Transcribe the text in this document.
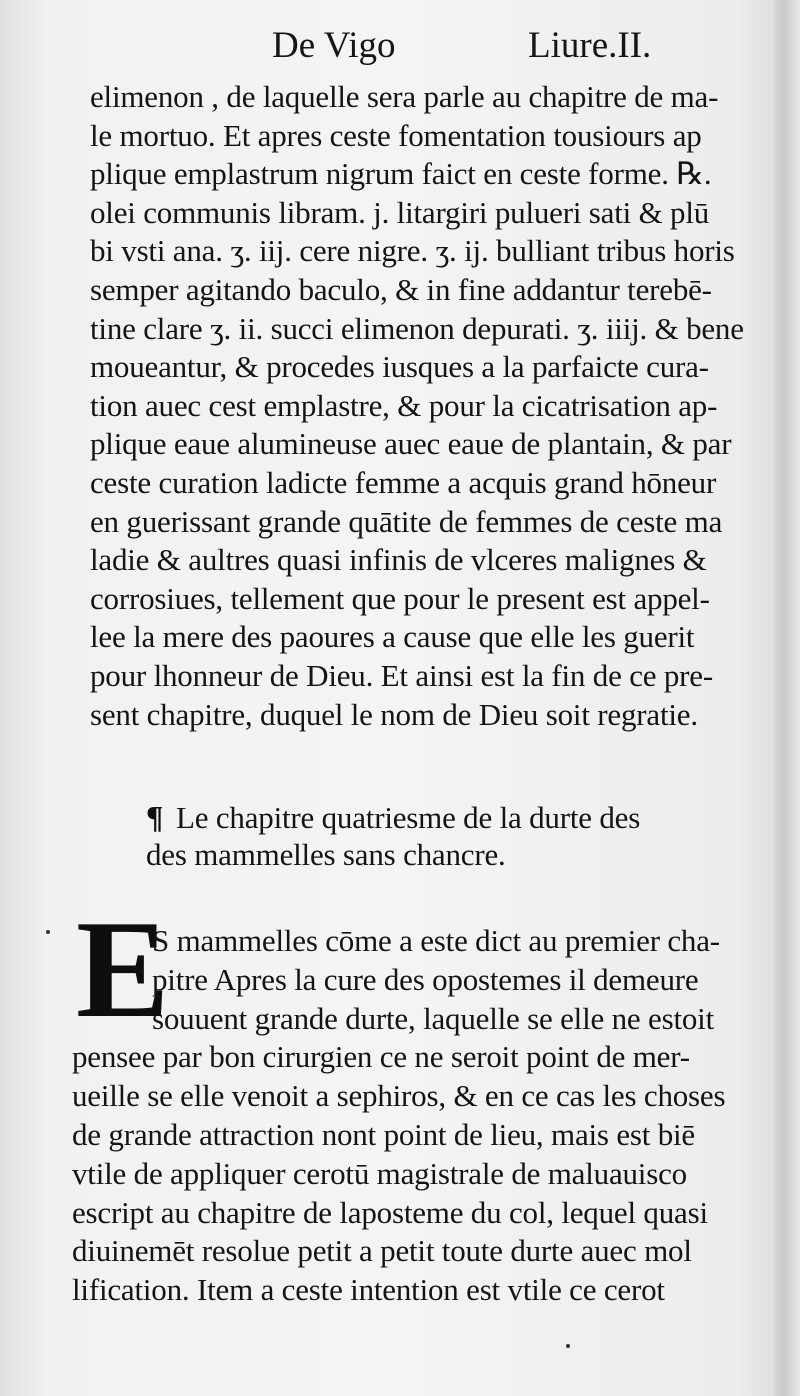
De Vigo	Liure.II.
elimenon , de laquelle sera parle au chapitre de ma-
le mortuo. Et apres ceste fomentation tousiours ap
plique emplastrum nigrum faict en ceste forme. ℞.
olei communis libram. j. litargiri pulueri sati & plū
bi vsti ana. ʒ. iij. cere nigre. ʒ. ij. bulliant tribus horis
semper agitando baculo, & in fine addantur terebē-
tine clare ʒ. ii. succi elimenon depurati. ʒ. iiij. & bene
moueantur, & procedes iusques a la parfaicte cura-
tion auec cest emplastre, & pour la cicatrisation ap-
plique eaue alumineuse auec eaue de plantain, & par
ceste curation ladicte femme a acquis grand hōneur
en guerissant grande quātite de femmes de ceste ma
ladie & aultres quasi infinis de vlceres malignes &
corrosiues, tellement que pour le present est appel-
lee la mere des paoures a cause que elle les guerit
pour lhonneur de Dieu. Et ainsi est la fin de ce pre-
sent chapitre, duquel le nom de Dieu soit regratie.
¶ Le chapitre quatriesme de la durte des
des mammelles sans chancre.
E
S mammelles cōme a este dict au premier cha-
pitre Apres la cure des opostemes il demeure
souuent grande durte, laquelle se elle ne estoit
pensee par bon cirurgien ce ne seroit point de mer-
ueille se elle venoit a sephiros, & en ce cas les choses
de grande attraction nont point de lieu, mais est biē
vtile de appliquer cerotū magistrale de maluauisco
escript au chapitre de laposteme du col, lequel quasi
diuinemēt resolue petit a petit toute durte auec mol
lification. Item a ceste intention est vtile ce cerot
